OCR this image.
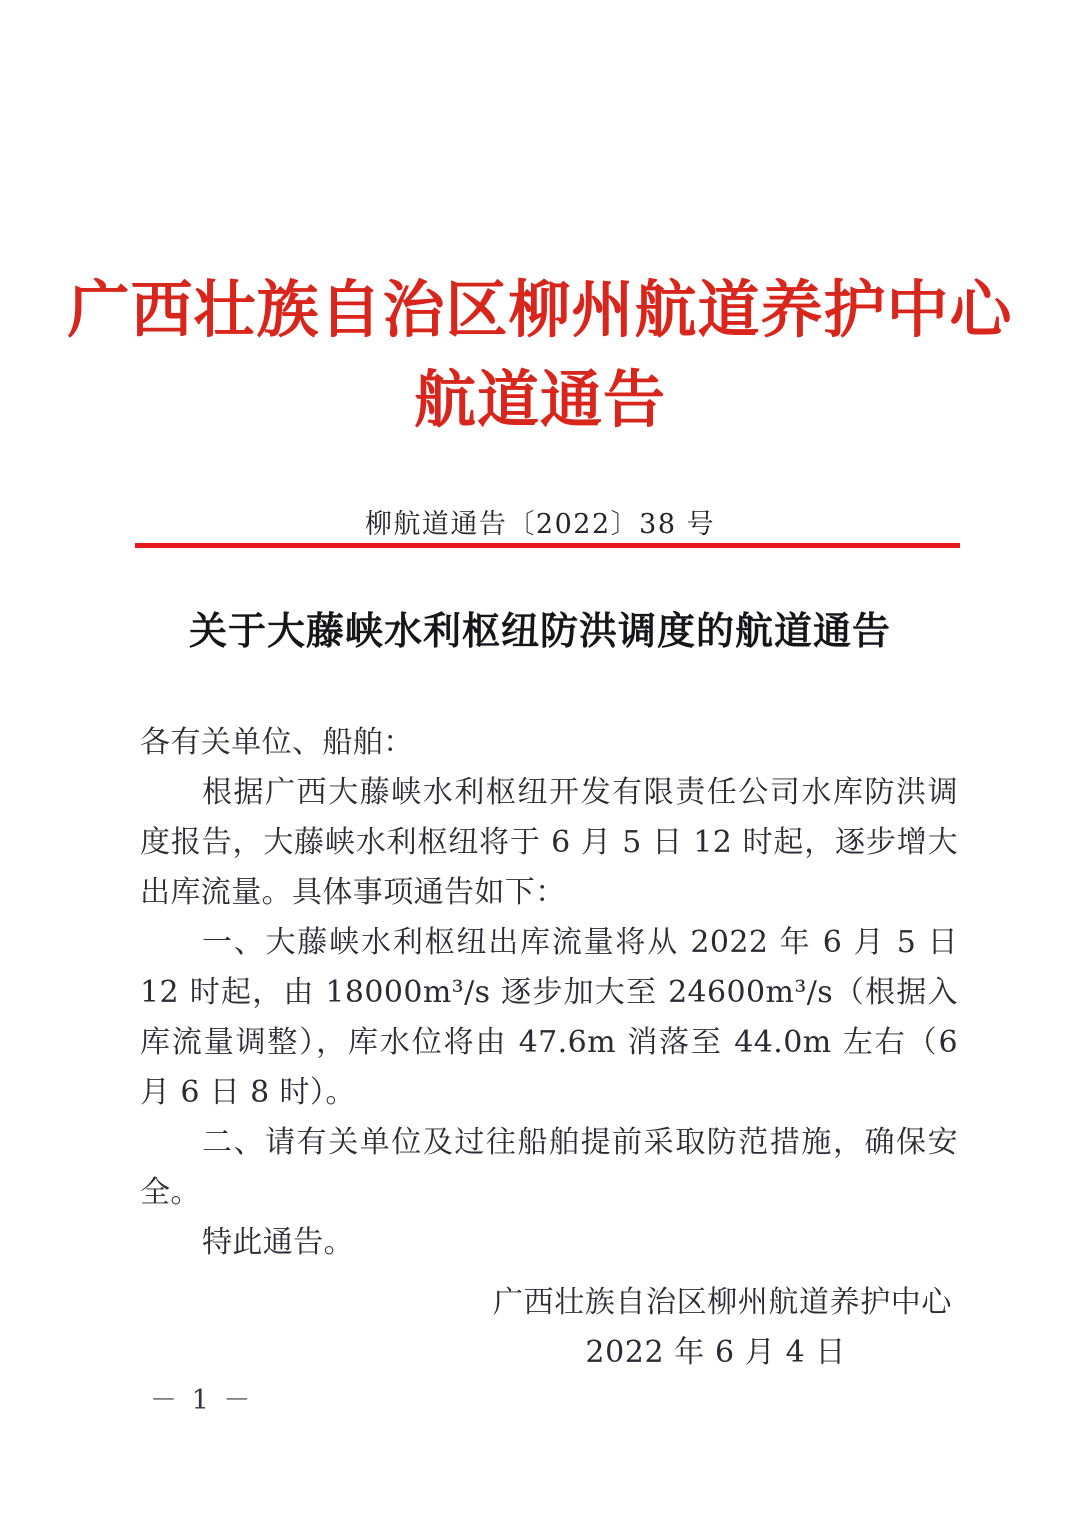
广西壮族自治区柳州航道养护中心
航道通告
柳航道通告〔2022〕38 号
关于大藤峡水利枢纽防洪调度的航道通告

各有关单位、船舶：

根据广西大藤峡水利枢纽开发有限责任公司水库防洪调度报告，大藤峡水利枢纽将于 6 月 5 日 12 时起，逐步增大出库流量。具体事项通告如下：

一、大藤峡水利枢纽出库流量将从 2022 年 6 月 5 日 12 时起，由 18000m³/s 逐步加大至 24600m³/s（根据入库流量调整），库水位将由 47.6m 消落至 44.0m 左右（6 月 6 日 8 时）。

二、请有关单位及过往船舶提前采取防范措施，确保安全。

特此通告。

广西壮族自治区柳州航道养护中心
2022 年 6 月 4 日
－ 1 －
